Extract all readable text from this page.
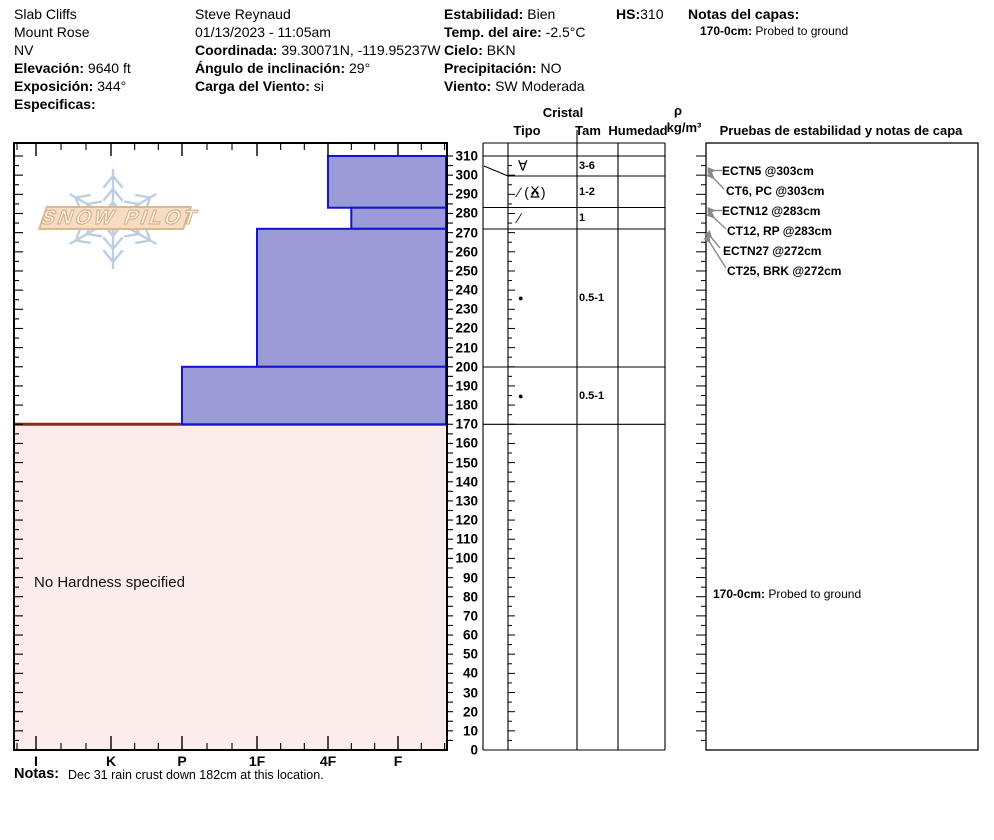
Slab Cliffs
Mount Rose
NV
Elevación: 9640 ft
Exposición: 344°
Especificas:
Steve Reynaud
01/13/2023 - 11:05am
Coordinada: 39.30071N, -119.95237W
Ángulo de inclinación: 29°
Carga del Viento: si
Estabilidad: Bien
Temp. del aire: -2.5°C
Cielo: BKN
Precipitación: NO
Viento: SW Moderada
HS:310 Notas del capas:
170-0cm: Probed to ground
SNOW PILOT
I	K	P	1F	4F	F
310
300
290
280
270
260
250
240
230
220
210
200
190
180
170
160
150
140
130
120
110
100
90
80
70
60
50
40
30
20
10
0
∀	3-6
∕ ( )	1-2
∕	1
●	0.5-1
●	0.5-1
ECTN5 @303cm
CT6, PC @303cm
ECTN12 @283cm
CT12, RP @283cm
ECTN27 @272cm
CT25, BRK @272cm
No Hardness specified
Cristal
Tipo	Tam Humedad
ρ
kg/m³ Pruebas de estabilidad y notas de capa
170-0cm: Probed to ground
Notas: Dec 31 rain crust down 182cm at this location.
